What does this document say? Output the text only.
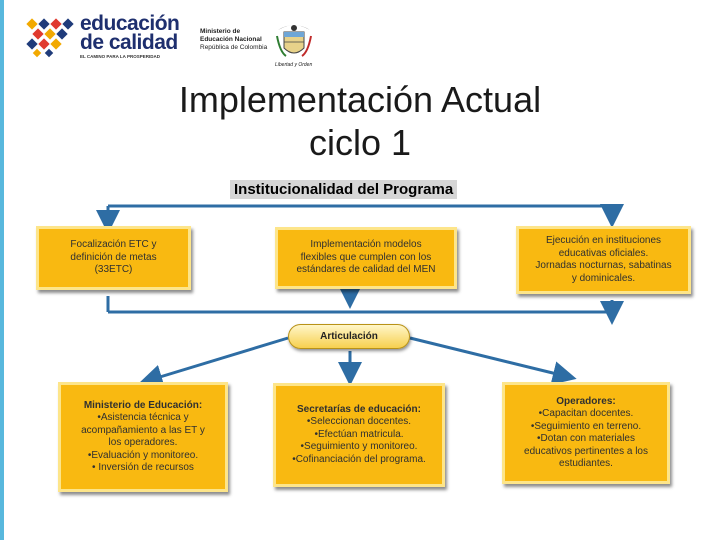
educación
de calidad
EL CAMINO PARA LA PROSPERIDAD
Ministerio de
Educación Nacional
República de Colombia
Libertad y Orden
Implementación Actual
ciclo 1
Institucionalidad del Programa
Focalización ETC y
definición de metas
(33ETC)
Implementación modelos
flexibles que cumplen con los
estándares de calidad del MEN
Ejecución en instituciones
educativas oficiales.
Jornadas nocturnas, sabatinas
y dominicales.
Articulación
Ministerio de Educación:
•Asistencia técnica y
acompañamiento a las ET y
los operadores.
•Evaluación y monitoreo.
• Inversión de recursos
Secretarías de educación:
•Seleccionan docentes.
•Efectúan matricula.
•Seguimiento y monitoreo.
•Cofinanciación del programa.
Operadores:
•Capacitan docentes.
•Seguimiento en terreno.
•Dotan con materiales
educativos pertinentes a los
estudiantes.
